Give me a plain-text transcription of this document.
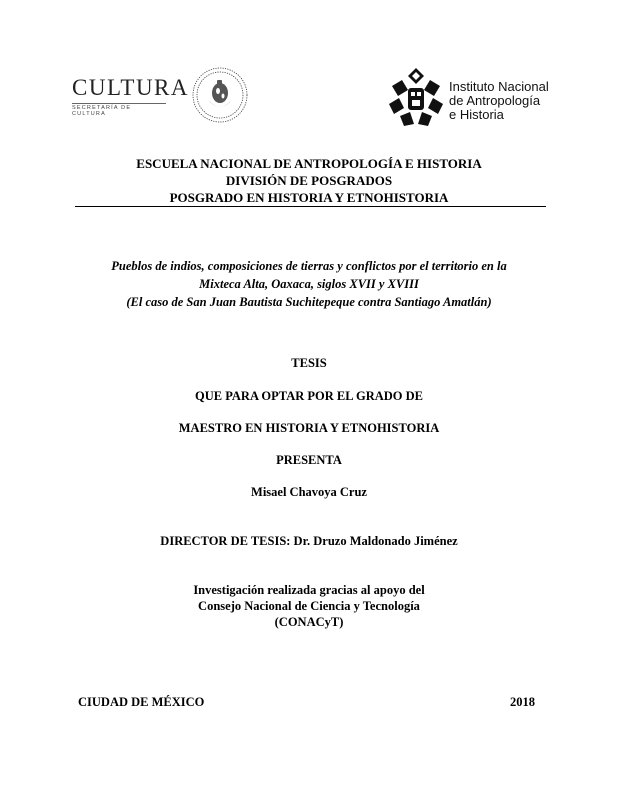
CULTURA
SECRETARÍA DE CULTURA
Instituto Nacional
de Antropología
e Historia
ESCUELA NACIONAL DE ANTROPOLOGÍA E HISTORIA
DIVISIÓN DE POSGRADOS
POSGRADO EN HISTORIA Y ETNOHISTORIA
Pueblos de indios, composiciones de tierras y conflictos por el territorio en la
Mixteca Alta, Oaxaca, siglos XVII y XVIII
(El caso de San Juan Bautista Suchitepeque contra Santiago Amatlán)
TESIS
QUE PARA OPTAR POR EL GRADO DE
MAESTRO EN HISTORIA Y ETNOHISTORIA
PRESENTA
Misael Chavoya Cruz
DIRECTOR DE TESIS: Dr. Druzo Maldonado Jiménez
Investigación realizada gracias al apoyo del
Consejo Nacional de Ciencia y Tecnología
(CONACyT)
CIUDAD DE MÉXICO	2018
